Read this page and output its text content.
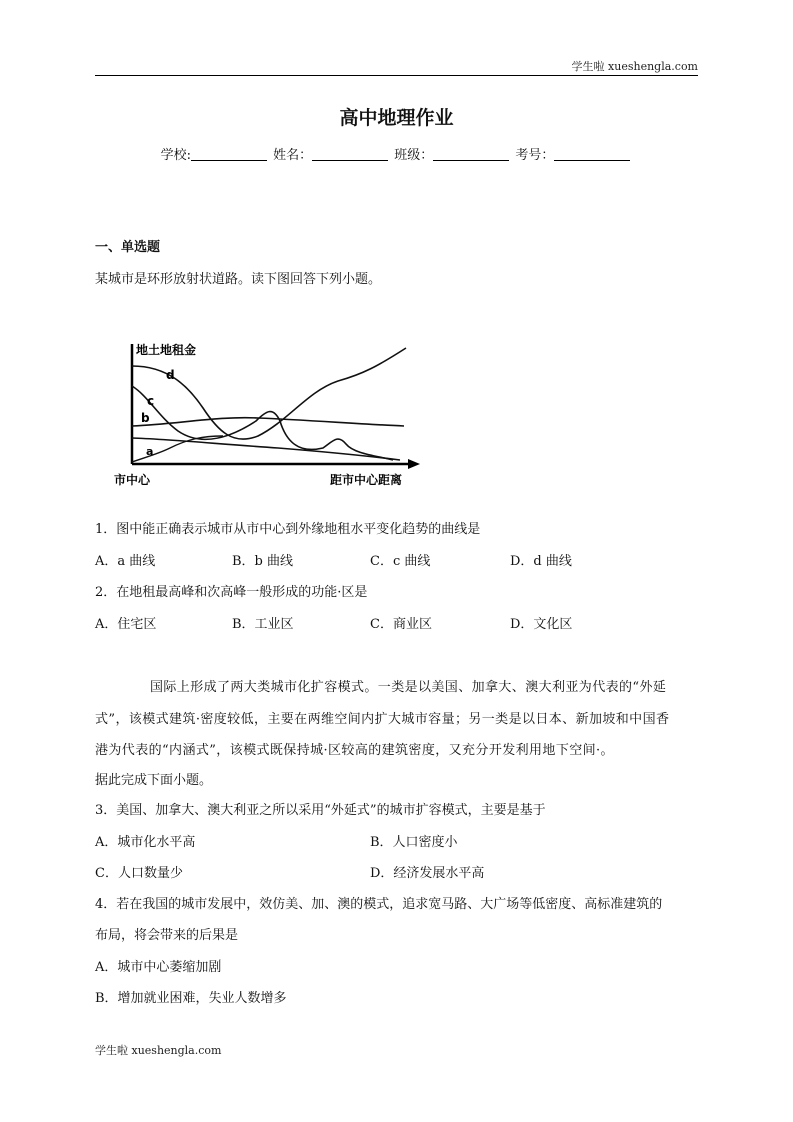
学生啦 xueshengla.com
高中地理作业
学校:	姓名：	班级：	考号：
一、单选题
某城市是环形放射状道路。读下图回答下列小题。
地土地租金
市中心	距市中心距离
d
c
b
a
1．图中能正确表示城市从市中心到外缘地租水平变化趋势的曲线是
A．a 曲线	B．b 曲线	C．c 曲线	D．d 曲线
2．在地租最高峰和次高峰一般形成的功能·区是
A．住宅区	B．工业区	C．商业区	D．文化区
国际上形成了两大类城市化扩容模式。一类是以美国、加拿大、澳大利亚为代表的“外延
式”，该模式建筑·密度较低，主要在两维空间内扩大城市容量；另一类是以日本、新加坡和中国香
港为代表的“内涵式”，该模式既保持城·区较高的建筑密度，又充分开发利用地下空间·。
据此完成下面小题。
3．美国、加拿大、澳大利亚之所以采用“外延式”的城市扩容模式，主要是基于
A．城市化水平高	B．人口密度小
C．人口数量少	D．经济发展水平高
4．若在我国的城市发展中，效仿美、加、澳的模式，追求宽马路、大广场等低密度、高标准建筑的
布局，将会带来的后果是
A．城市中心萎缩加剧
B．增加就业困难，失业人数增多
学生啦 xueshengla.com
